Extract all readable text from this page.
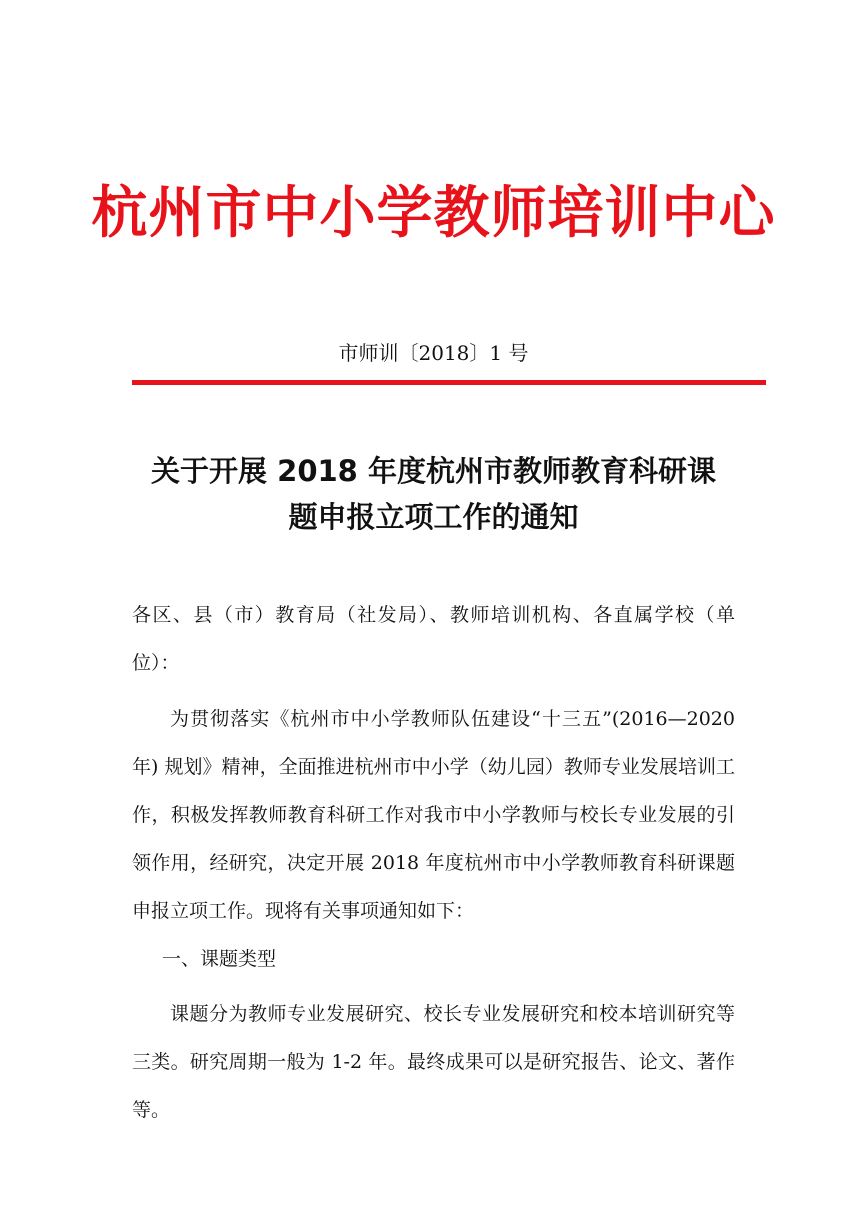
杭州市中小学教师培训中心
市师训〔2018〕1 号
关于开展 2018 年度杭州市教师教育科研课
题申报立项工作的通知
各区、县（市）教育局（社发局）、教师培训机构、各直属学校（单位）：
为贯彻落实《杭州市中小学教师队伍建设“十三五”(2016—2020年) 规划》精神，全面推进杭州市中小学（幼儿园）教师专业发展培训工作，积极发挥教师教育科研工作对我市中小学教师与校长专业发展的引领作用，经研究，决定开展 2018 年度杭州市中小学教师教育科研课题申报立项工作。现将有关事项通知如下：
一、课题类型
课题分为教师专业发展研究、校长专业发展研究和校本培训研究等三类。研究周期一般为 1-2 年。最终成果可以是研究报告、论文、著作等。
